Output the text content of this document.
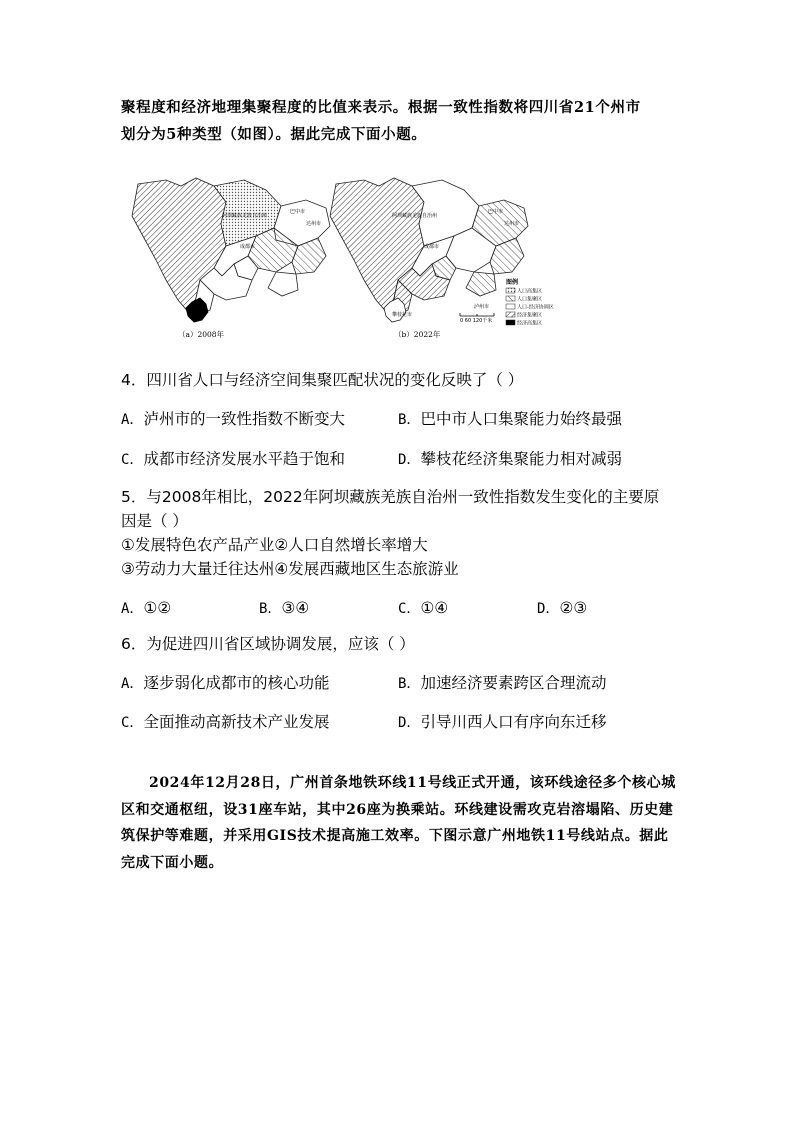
聚程度和经济地理集聚程度的比值来表示。根据一致性指数将四川省21个州市
划分为5种类型（如图）。据此完成下面小题。
阿坝藏族羌族自治州
巴中市
达州市
成都市
（a）2008年
阿坝藏族羌族自治州
巴中市
达州市
成都市
攀枝花市
泸州市
（b）2022年
0 60 120千米
图例
人口高集区
人口集聚区
人口-经济协调区
经济集聚区
经济高集区
4．四川省人口与经济空间集聚匹配状况的变化反映了（ ）
A．泸州市的一致性指数不断变大	B．巴中市人口集聚能力始终最强
C．成都市经济发展水平趋于饱和	D．攀枝花经济集聚能力相对减弱
5．与2008年相比，2022年阿坝藏族羌族自治州一致性指数发生变化的主要原
因是（ ）
①发展特色农产品产业②人口自然增长率增大
③劳动力大量迁往达州④发展西藏地区生态旅游业
A．①②	B．③④	C．①④	D．②③
6．为促进四川省区域协调发展，应该（ ）
A．逐步弱化成都市的核心功能	B．加速经济要素跨区合理流动
C．全面推动高新技术产业发展	D．引导川西人口有序向东迁移
2024年12月28日，广州首条地铁环线11号线正式开通，该环线途径多个核心城区和交通枢纽，设31座车站，其中26座为换乘站。环线建设需攻克岩溶塌陷、历史建筑保护等难题，并采用GIS技术提高施工效率。下图示意广州地铁11号线站点。据此完成下面小题。
